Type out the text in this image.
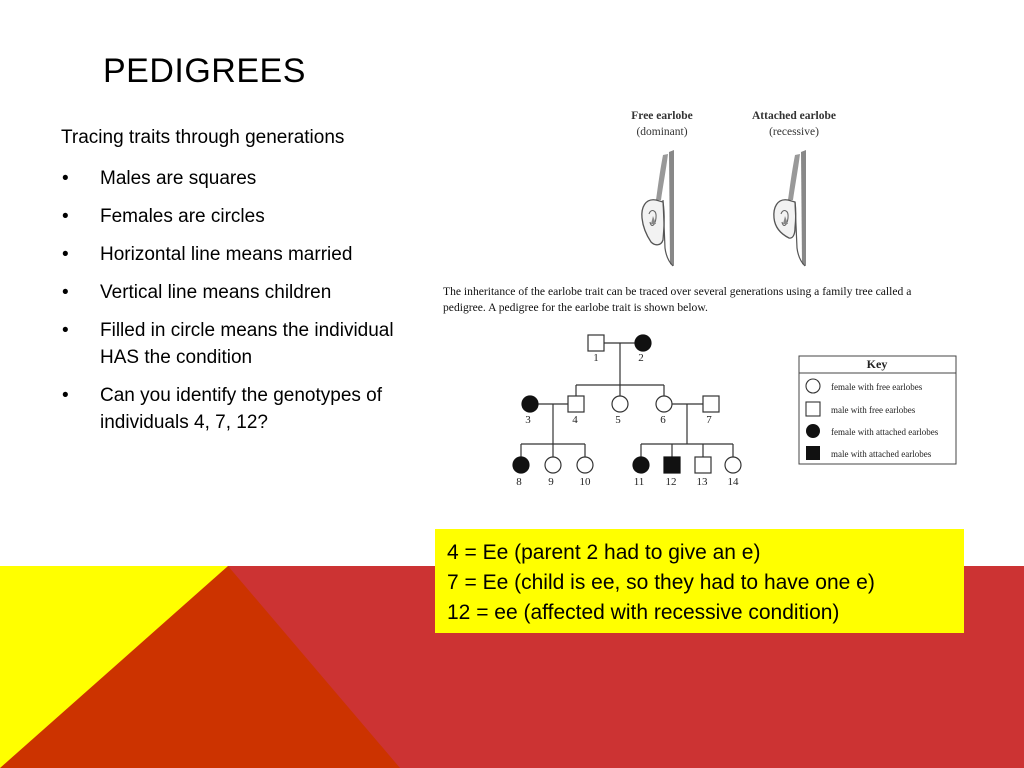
PEDIGREES

Tracing traits through generations

• Males are squares
• Females are circles
• Horizontal line means married
• Vertical line means children
• Filled in circle means the individual HAS the condition
• Can you identify the genotypes of individuals 4, 7, 12?
Free earlobe
(dominant)
Attached earlobe
(recessive)
The inheritance of the earlobe trait can be traced over several generations using a family tree called a
pedigree. A pedigree for the earlobe trait is shown below.
1	2
3	4	5	6	7
8 9 10	11 12 13 14
Key
female with free earlobes
male with free earlobes
female with attached earlobes
male with attached earlobes
4 = Ee (parent 2 had to give an e)
7 = Ee (child is ee, so they had to have one e)
12 = ee (affected with recessive condition)
